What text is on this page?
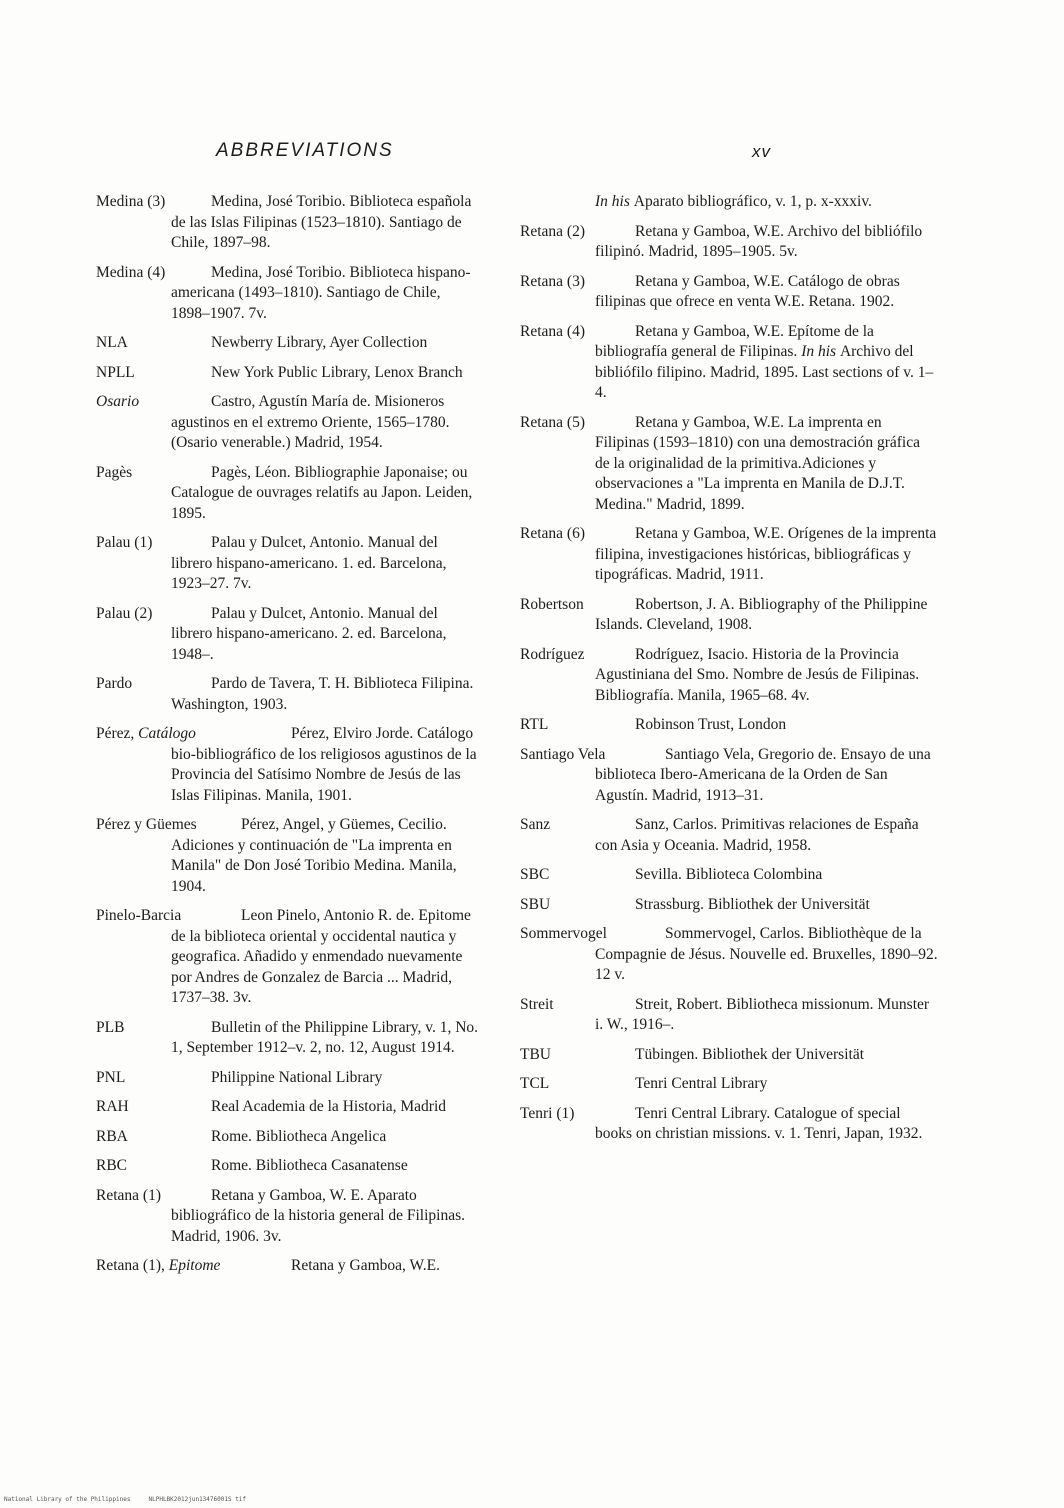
ABBREVIATIONS	xv
Medina (3)	Medina, José Toribio. Biblioteca española de las Islas Filipinas (1523–1810). Santiago de Chile, 1897–98.
Medina (4)	Medina, José Toribio. Biblioteca hispano-americana (1493–1810). Santiago de Chile, 1898–1907. 7v.
NLA	Newberry Library, Ayer Collection
NPLL	New York Public Library, Lenox Branch
Osario	Castro, Agustín María de. Misioneros agustinos en el extremo Oriente, 1565–1780. (Osario venerable.) Madrid, 1954.
Pagès	Pagès, Léon. Bibliographie Japonaise; ou Catalogue de ouvrages relatifs au Japon. Leiden, 1895.
Palau (1)	Palau y Dulcet, Antonio. Manual del librero hispano-americano. 1. ed. Barcelona, 1923–27. 7v.
Palau (2)	Palau y Dulcet, Antonio. Manual del librero hispano-americano. 2. ed. Barcelona, 1948–.
Pardo	Pardo de Tavera, T. H. Biblioteca Filipina. Washington, 1903.
Pérez, Catálogo	Pérez, Elviro Jorde. Catálogo bio-bibliográfico de los religiosos agustinos de la Provincia del Satísimo Nombre de Jesús de las Islas Filipinas. Manila, 1901.
Pérez y Güemes	Pérez, Angel, y Güemes, Cecilio. Adiciones y continuación de "La imprenta en Manila" de Don José Toribio Medina. Manila, 1904.
Pinelo-Barcia	Leon Pinelo, Antonio R. de. Epitome de la biblioteca oriental y occidental nautica y geografica. Añadido y enmendado nuevamente por Andres de Gonzalez de Barcia ... Madrid, 1737–38. 3v.
PLB	Bulletin of the Philippine Library, v. 1, No. 1, September 1912–v. 2, no. 12, August 1914.
PNL	Philippine National Library
RAH	Real Academia de la Historia, Madrid
RBA	Rome. Bibliotheca Angelica
RBC	Rome. Bibliotheca Casanatense
Retana (1)	Retana y Gamboa, W. E. Aparato bibliográfico de la historia general de Filipinas. Madrid, 1906. 3v.
Retana (1), Epitome	Retana y Gamboa, W.E.
In his Aparato bibliográfico, v. 1, p. x-xxxiv.
Retana (2)	Retana y Gamboa, W.E. Archivo del bibliófilo filipinó. Madrid, 1895–1905. 5v.
Retana (3)	Retana y Gamboa, W.E. Catálogo de obras filipinas que ofrece en venta W.E. Retana. 1902.
Retana (4)	Retana y Gamboa, W.E. Epítome de la bibliografía general de Filipinas. In his Archivo del bibliófilo filipino. Madrid, 1895. Last sections of v. 1–4.
Retana (5)	Retana y Gamboa, W.E. La imprenta en Filipinas (1593–1810) con una demostración gráfica de la originalidad de la primitiva.Adiciones y observaciones a "La imprenta en Manila de D.J.T. Medina." Madrid, 1899.
Retana (6)	Retana y Gamboa, W.E. Orígenes de la imprenta filipina, investigaciones históricas, bibliográficas y tipográficas. Madrid, 1911.
Robertson	Robertson, J. A. Bibliography of the Philippine Islands. Cleveland, 1908.
Rodríguez	Rodríguez, Isacio. Historia de la Provincia Agustiniana del Smo. Nombre de Jesús de Filipinas. Bibliografía. Manila, 1965–68. 4v.
RTL	Robinson Trust, London
Santiago Vela	Santiago Vela, Gregorio de. Ensayo de una biblioteca Ibero-Americana de la Orden de San Agustín. Madrid, 1913–31.
Sanz	Sanz, Carlos. Primitivas relaciones de España con Asia y Oceania. Madrid, 1958.
SBC	Sevilla. Biblioteca Colombina
SBU	Strassburg. Bibliothek der Universität
Sommervogel	Sommervogel, Carlos. Bibliothèque de la Compagnie de Jésus. Nouvelle ed. Bruxelles, 1890–92. 12 v.
Streit	Streit, Robert. Bibliotheca missionum. Munster i. W., 1916–.
TBU	Tübingen. Bibliothek der Universität
TCL	Tenri Central Library
Tenri (1)	Tenri Central Library. Catalogue of special books on christian missions. v. 1. Tenri, Japan, 1932.
National Library of the Philippines     NLPHLBK2012jun13476001S tif
